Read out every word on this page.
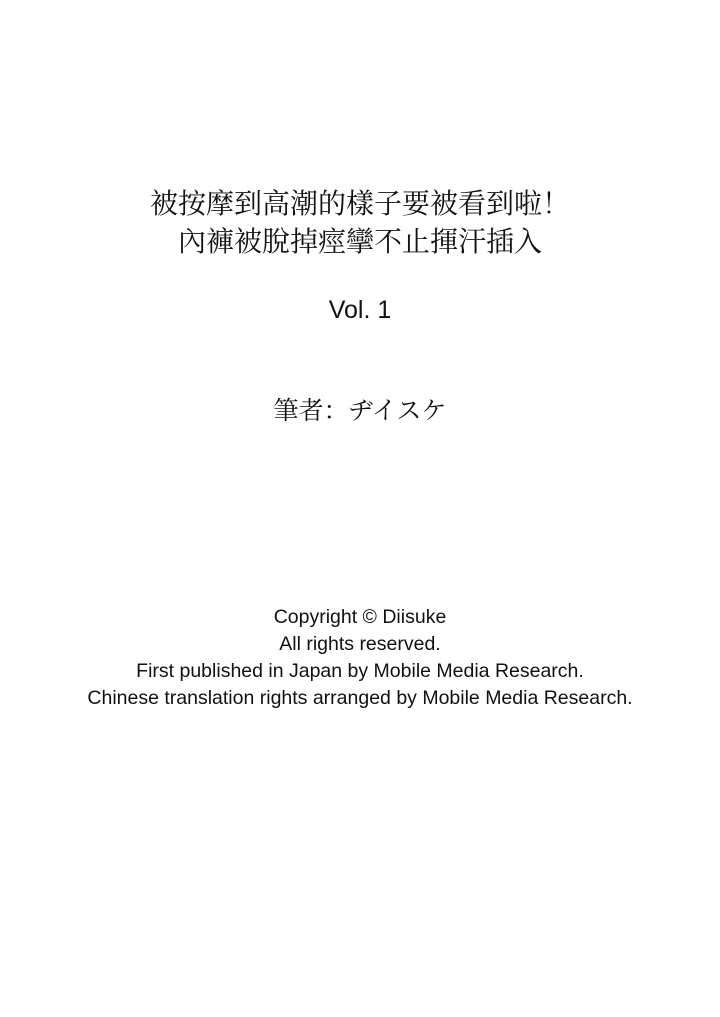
被按摩到高潮的樣子要被看到啦！
內褲被脫掉痙攣不止揮汗插入
Vol. 1
筆者：ヂイスケ
Copyright © Diisuke
All rights reserved.
First published in Japan by Mobile Media Research.
Chinese translation rights arranged by Mobile Media Research.
